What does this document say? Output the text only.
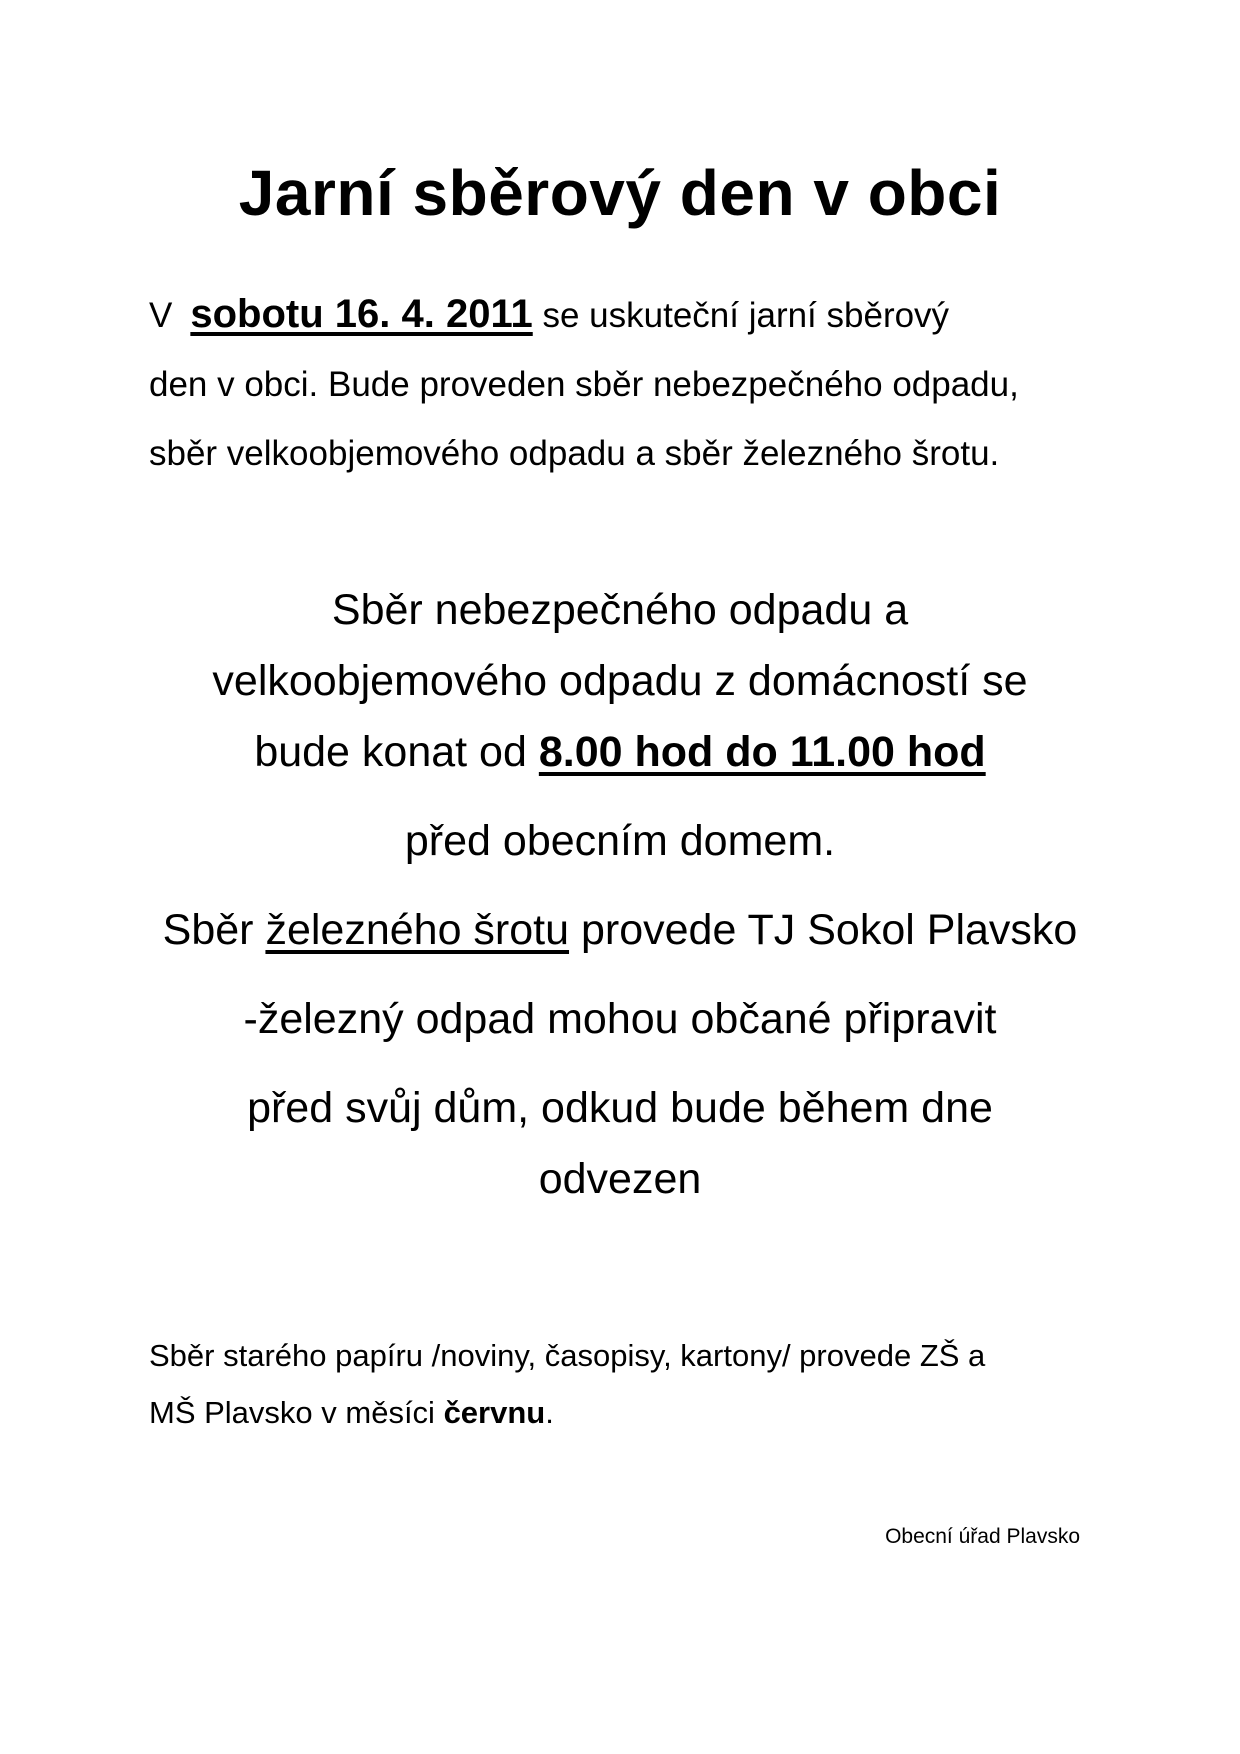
Jarní sběrový den v obci
V sobotu 16. 4. 2011 se uskuteční jarní sběrový
den v obci. Bude proveden sběr nebezpečného odpadu,
sběr velkoobjemového odpadu a sběr železného šrotu.
Sběr nebezpečného odpadu a
velkoobjemového odpadu z domácností se
bude konat od 8.00 hod do 11.00 hod
před obecním domem.
Sběr železného šrotu provede TJ Sokol Plavsko
-železný odpad mohou občané připravit
před svůj dům, odkud bude během dne
odvezen
Sběr starého papíru /noviny, časopisy, kartony/ provede ZŠ a
MŠ Plavsko v měsíci červnu.
Obecní úřad Plavsko
